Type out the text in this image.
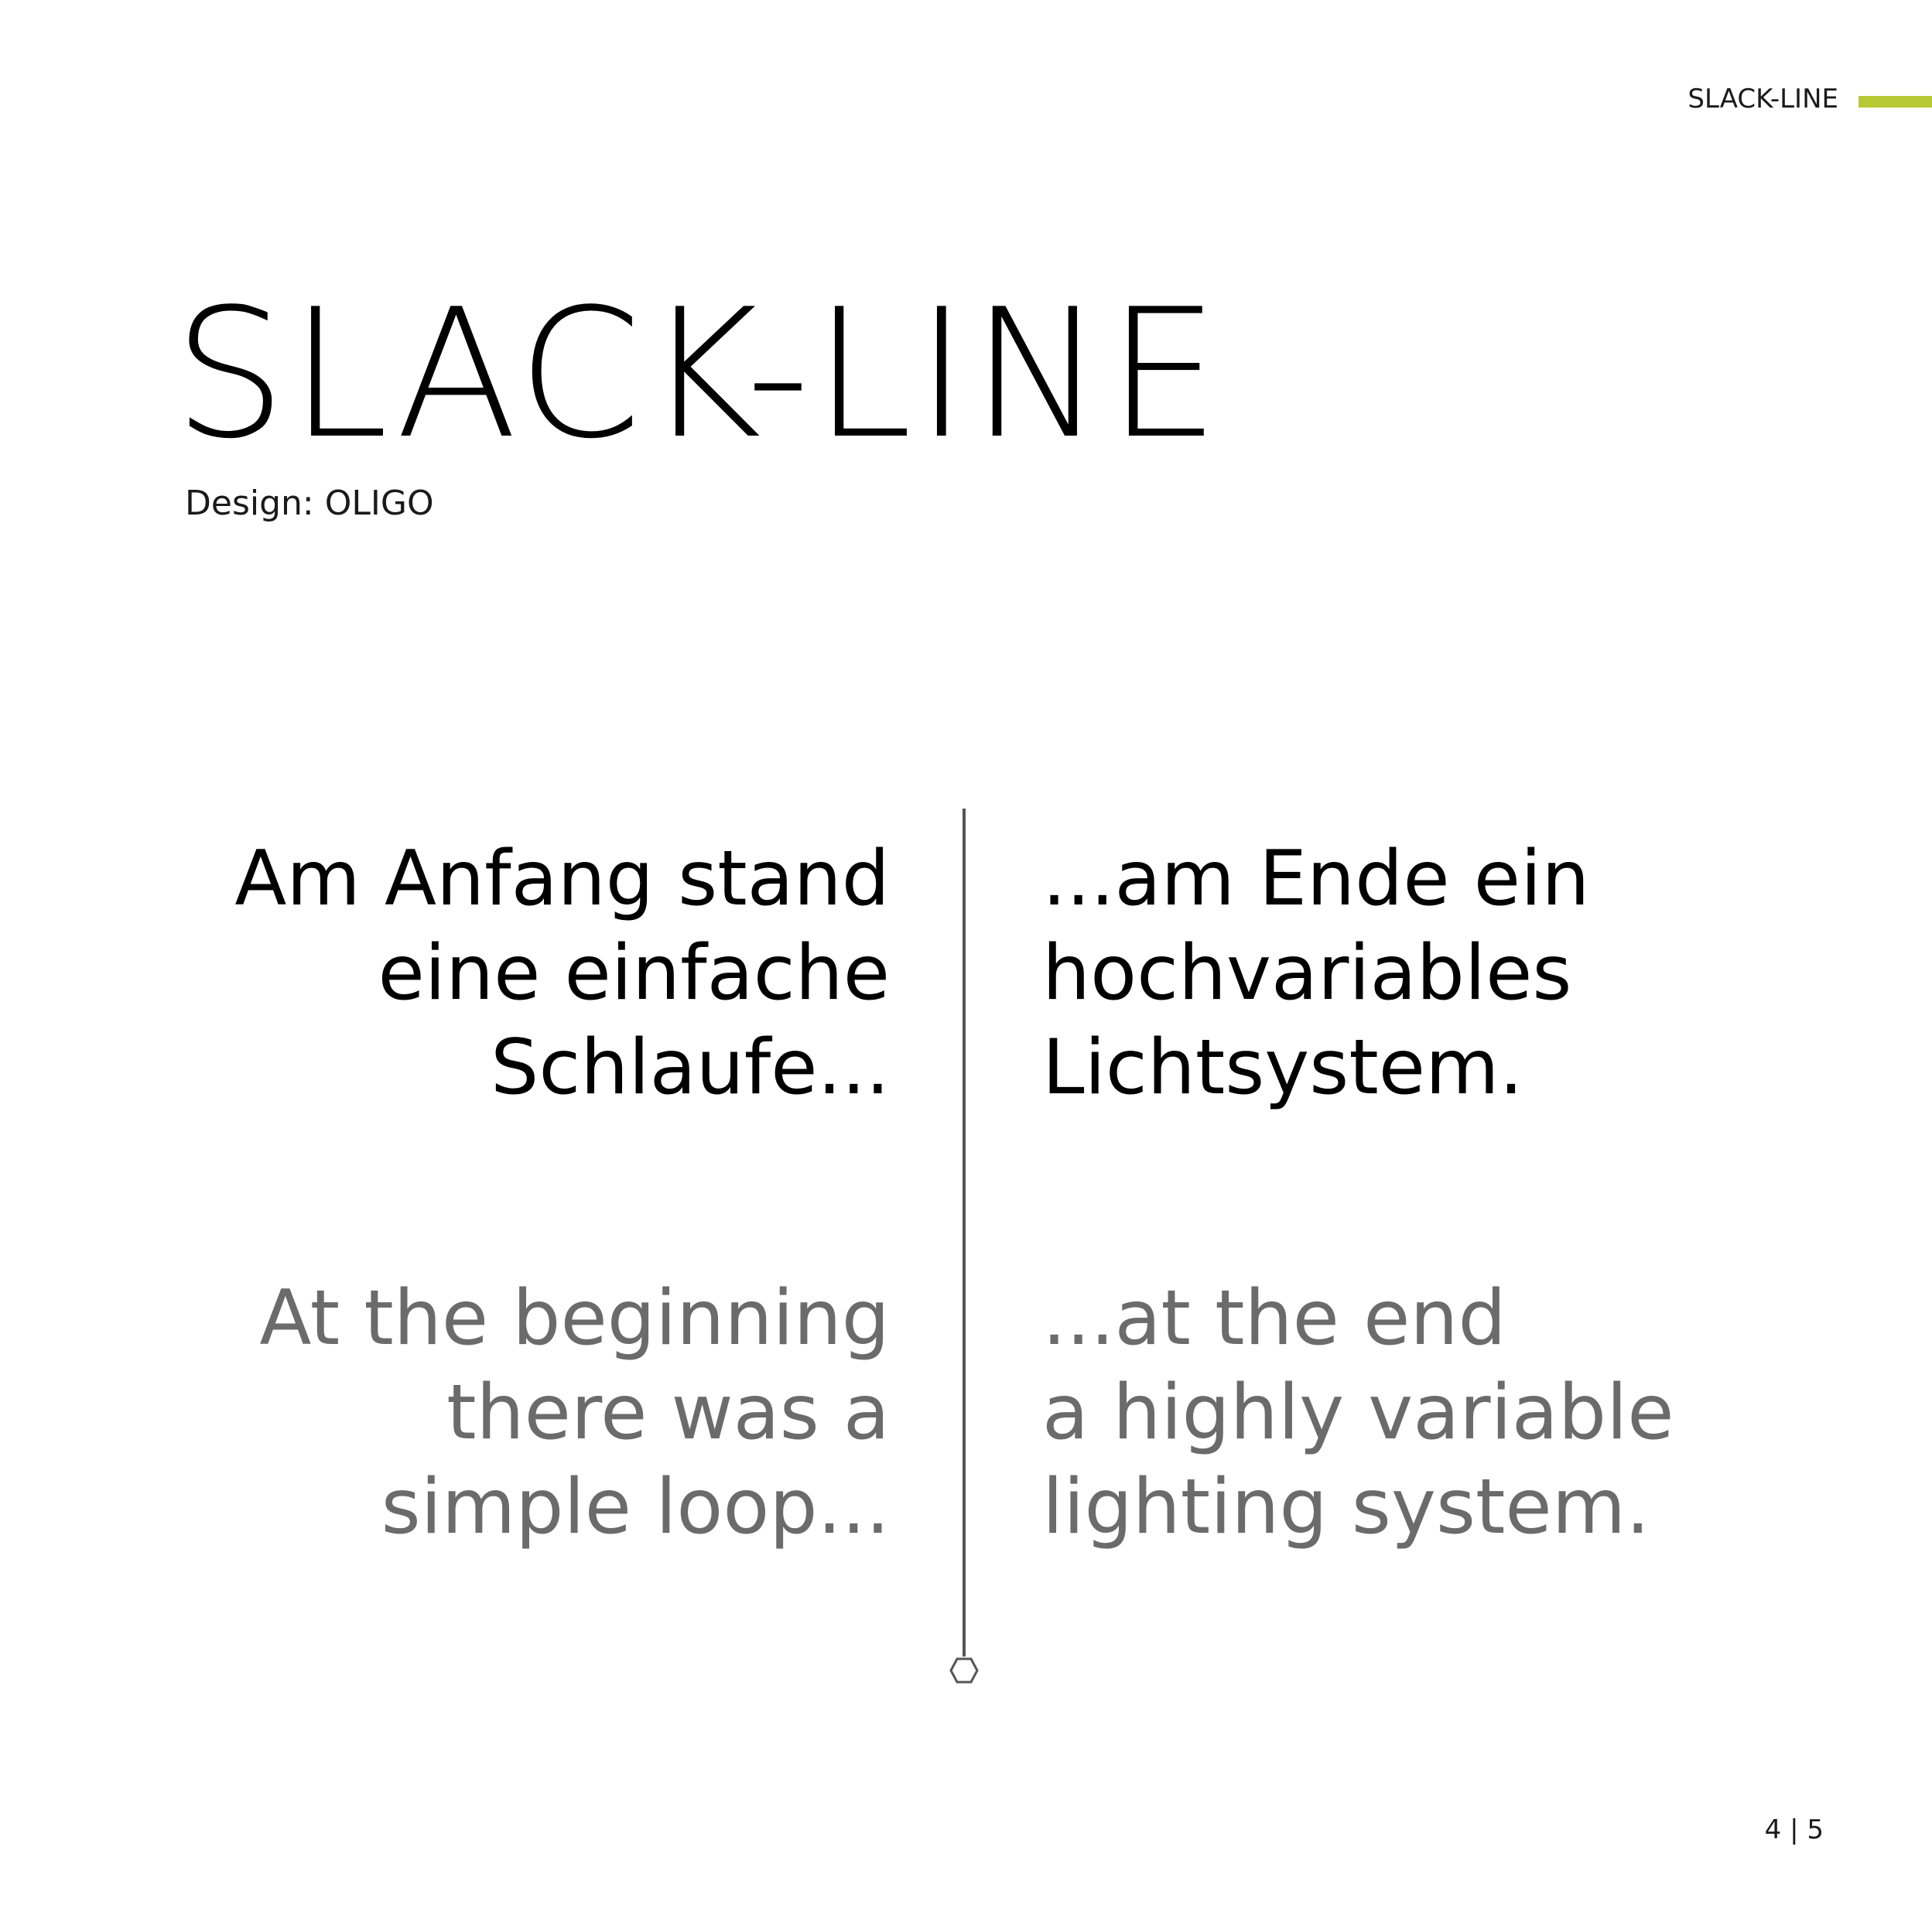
SLACK-LINE
SLACK-LINE
Design: OLIGO
Am Anfang stand
eine einfache
Schlaufe...
...am Ende ein
hochvariables
Lichtsystem.
At the beginning
there was a
simple loop...
...at the end
a highly variable
lighting system.
4 | 5
